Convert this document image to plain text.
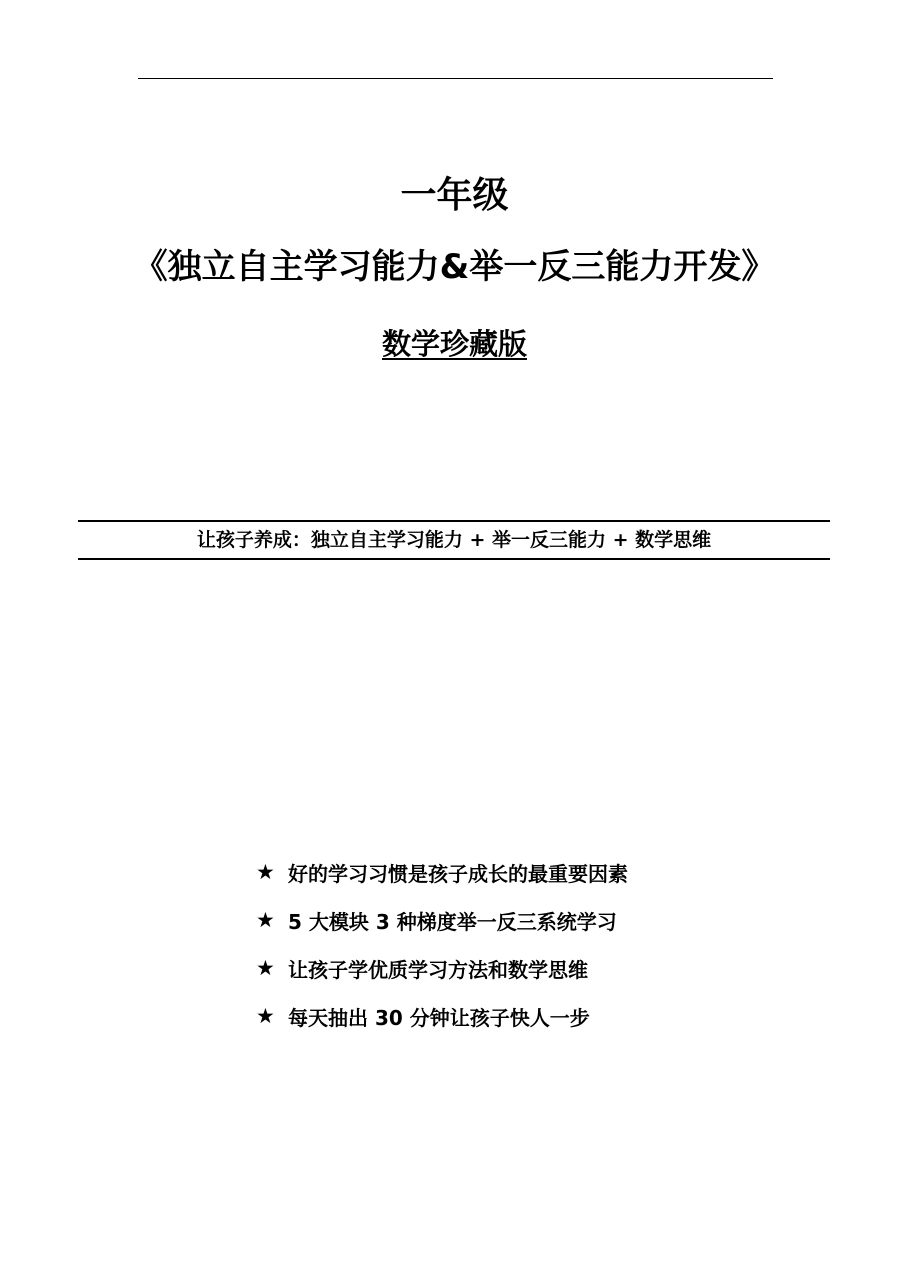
一年级
《独立自主学习能力&举一反三能力开发》
数学珍藏版
让孩子养成：独立自主学习能力 + 举一反三能力 + 数学思维
★ 好的学习习惯是孩子成长的最重要因素
★ 5 大模块 3 种梯度举一反三系统学习
★ 让孩子学优质学习方法和数学思维
★ 每天抽出 30 分钟让孩子快人一步
